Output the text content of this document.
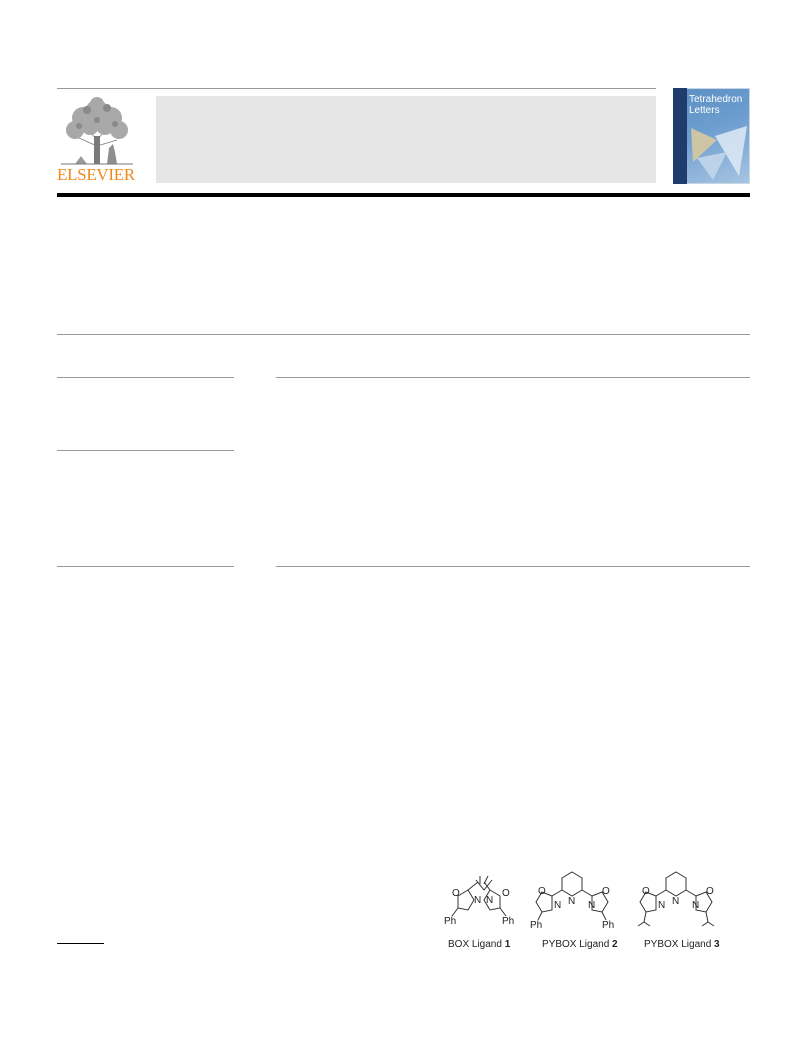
ELSEVIER
Tetrahedron
Letters
O
N N
O
Ph	Ph
O
N N N
O
Ph	Ph
O
N N N
O
BOX Ligand 1	PYBOX Ligand 2	PYBOX Ligand 3
